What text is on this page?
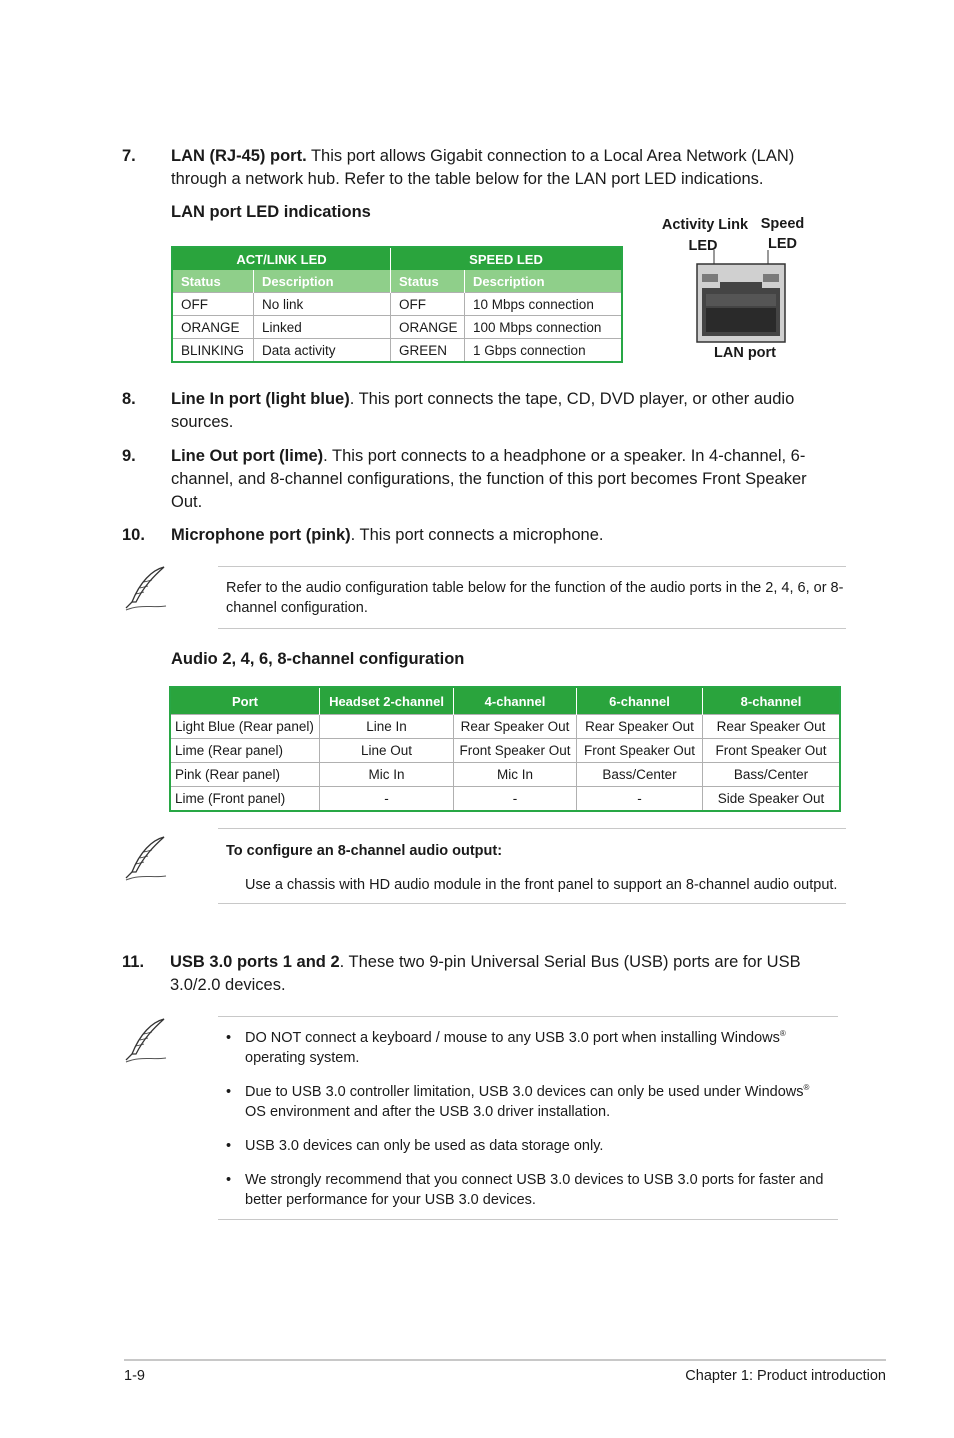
7. LAN (RJ-45) port. This port allows Gigabit connection to a Local Area Network (LAN) through a network hub. Refer to the table below for the LAN port LED indications.
LAN port LED indications
ACT/LINK LED		SPEED LED	
Status	Description	Status	Description
OFF	No link	OFF	10 Mbps connection
ORANGE	Linked	ORANGE	100 Mbps connection
BLINKING	Data activity	GREEN	1 Gbps connection
Activity Link
LED
Speed
LED
LAN port
8. Line In port (light blue). This port connects the tape, CD, DVD player, or other audio sources.
9. Line Out port (lime). This port connects to a headphone or a speaker. In 4-channel, 6-channel, and 8-channel configurations, the function of this port becomes Front Speaker Out.
10. Microphone port (pink). This port connects a microphone.
Refer to the audio configuration table below for the function of the audio ports in the 2, 4, 6, or 8-channel configuration.
Audio 2, 4, 6, 8-channel configuration
Port	Headset 2-channel	4-channel	6-channel	8-channel
Light Blue (Rear panel)	Line In	Rear Speaker Out	Rear Speaker Out	Rear Speaker Out
Lime (Rear panel)	Line Out	Front Speaker Out	Front Speaker Out	Front Speaker Out
Pink (Rear panel)	Mic In	Mic In	Bass/Center	Bass/Center
Lime (Front panel)	-	-	-	Side Speaker Out
To configure an 8-channel audio output:
Use a chassis with HD audio module in the front panel to support an 8-channel audio output.
11. USB 3.0 ports 1 and 2. These two 9-pin Universal Serial Bus (USB) ports are for USB 3.0/2.0 devices.
• DO NOT connect a keyboard / mouse to any USB 3.0 port when installing Windows®
operating system.
• Due to USB 3.0 controller limitation, USB 3.0 devices can only be used under Windows®
OS environment and after the USB 3.0 driver installation.
• USB 3.0 devices can only be used as data storage only.
• We strongly recommend that you connect USB 3.0 devices to USB 3.0 ports for faster and better performance for your USB 3.0 devices.
1-9	Chapter 1: Product introduction
